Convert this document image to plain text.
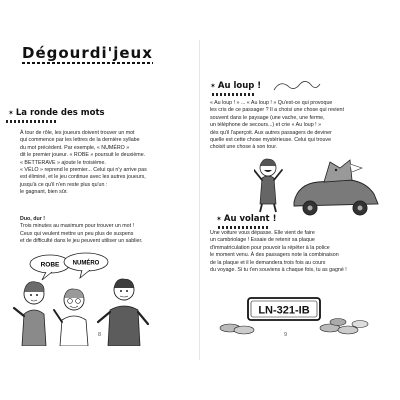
Dégourdi'jeux
✶ La ronde des mots

À tour de rôle, les joueurs doivent trouver un mot

qui commence par les lettres de la dernière syllabe

du mot précédent. Par exemple, « NUMÉRO »

dit le premier joueur. « ROBE » poursuit le deuxième.

« BETTERAVE » ajoute le troisième.

« VÉLO » reprend le premier... Celui qui n'y arrive pas

est éliminé, et le jeu continue avec les autres joueurs,

jusqu'à ce qu'il n'en reste plus qu'un :

le gagnant, bien sûr.

Duo, dur !

Trois minutes au maximum pour trouver un mot !

Ceux qui veulent mettre un peu plus de suspens

et de difficulté dans le jeu peuvent utiliser un sablier.

ROBE NUMÉRO
8
✶ Au loup !

« Au loup ! » ... « Au loup ! » Qu'est-ce qui provoque

les cris de ce passager ? Il a choisi une chose qui revient

souvent dans le paysage (une vache, une ferme,

un téléphone de secours...) et crie « Au loup ! »

dès qu'il l'aperçoit. Aux autres passagers de deviner

quelle est cette chose mystérieuse. Celui qui trouve

choisit une chose à son tour.

✶ Au volant !

Une voiture vous dépasse. Elle vient de faire

un cambriolage ! Essaie de retenir sa plaque

d'immatriculation pour pouvoir la répéter à la police

le moment venu. À des passagers note la combinaison

de la plaque et il le demandera trois fois au cours

du voyage. Si tu t'en souviens à chaque fois, tu as gagné !

LN-321-IB
9
